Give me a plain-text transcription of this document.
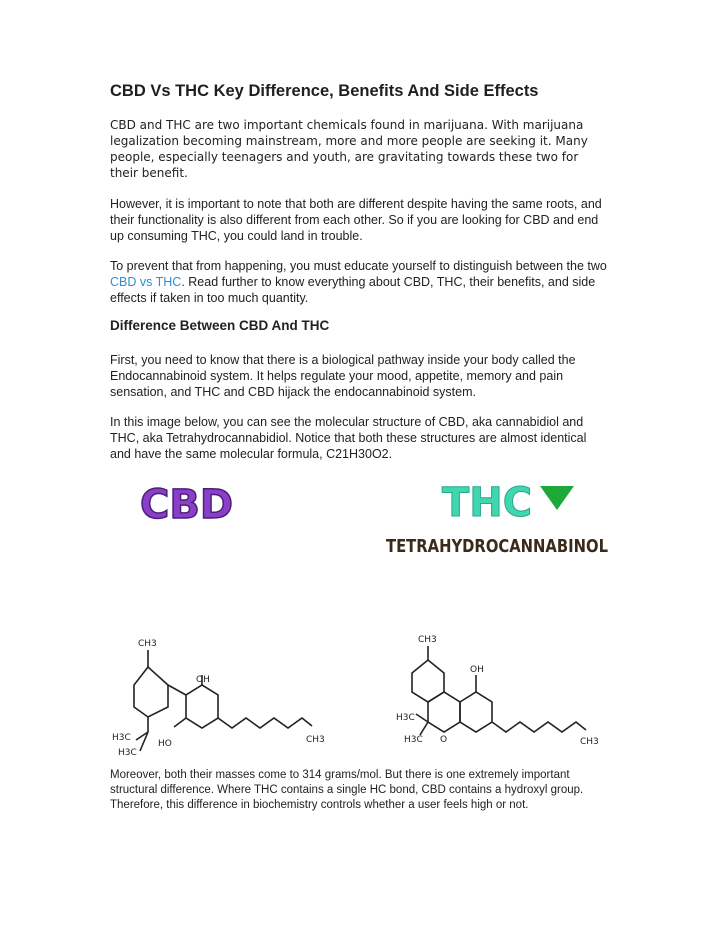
CBD Vs THC Key Difference, Benefits And Side Effects
CBD and THC are two important chemicals found in marijuana. With marijuana legalization becoming mainstream, more and more people are seeking it. Many people, especially teenagers and youth, are gravitating towards these two for their benefit.
However, it is important to note that both are different despite having the same roots, and their functionality is also different from each other. So if you are looking for CBD and end up consuming THC, you could land in trouble.
To prevent that from happening, you must educate yourself to distinguish between the two CBD vs THC. Read further to know everything about CBD, THC, their benefits, and side effects if taken in too much quantity.
Difference Between CBD And THC
First, you need to know that there is a biological pathway inside your body called the Endocannabinoid system. It helps regulate your mood, appetite, memory and pain sensation, and THC and CBD hijack the endocannabinoid system.
In this image below, you can see the molecular structure of CBD, aka cannabidiol and THC, aka Tetrahydrocannabidiol. Notice that both these structures are almost identical and have the same molecular formula, C21H30O2.
CBD	THC
TETRAHYDROCANNABINOL
CH3
OH
H3C
H3C
HO	CH3
CH3
OH
H3C
H3C O	CH3
Moreover, both their masses come to 314 grams/mol. But there is one extremely important structural difference. Where THC contains a single HC bond, CBD contains a hydroxyl group. Therefore, this difference in biochemistry controls whether a user feels high or not.
